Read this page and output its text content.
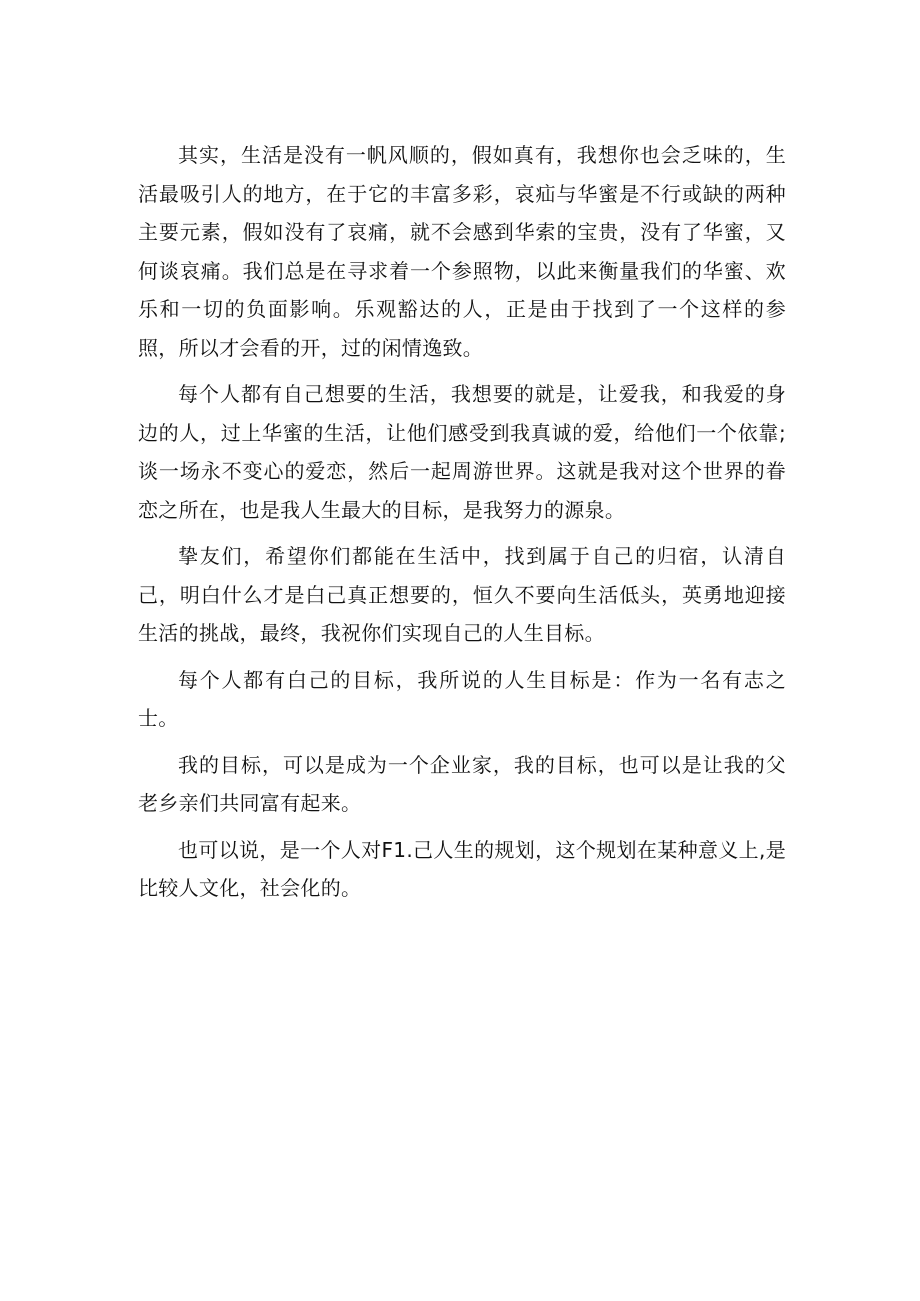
其实，生活是没有一帆风顺的，假如真有，我想你也会乏味的，生活最吸引人的地方，在于它的丰富多彩，哀疝与华蜜是不行或缺的两种主要元素，假如没有了哀痛，就不会感到华索的宝贵，没有了华蜜，又何谈哀痛。我们总是在寻求着一个参照物，以此来衡量我们的华蜜、欢乐和一切的负面影响。乐观豁达的人，正是由于找到了一个这样的参照，所以才会看的开，过的闲情逸致。

每个人都有自己想要的生活，我想要的就是，让爱我，和我爱的身边的人，过上华蜜的生活，让他们感受到我真诚的爱，给他们一个依靠;谈一场永不变心的爱恋，然后一起周游世界。这就是我对这个世界的眷恋之所在，也是我人生最大的目标，是我努力的源泉。

挚友们，希望你们都能在生活中，找到属于自己的归宿，认清自己，明白什么才是白己真正想要的，恒久不要向生活低头，英勇地迎接生活的挑战，最终，我祝你们实现自己的人生目标。

每个人都有白己的目标，我所说的人生目标是：作为一名有志之士。

我的目标，可以是成为一个企业家，我的目标，也可以是让我的父老乡亲们共同富有起来。

也可以说，是一个人对F1.己人生的规划，这个规划在某种意义上,是比较人文化，社会化的。
